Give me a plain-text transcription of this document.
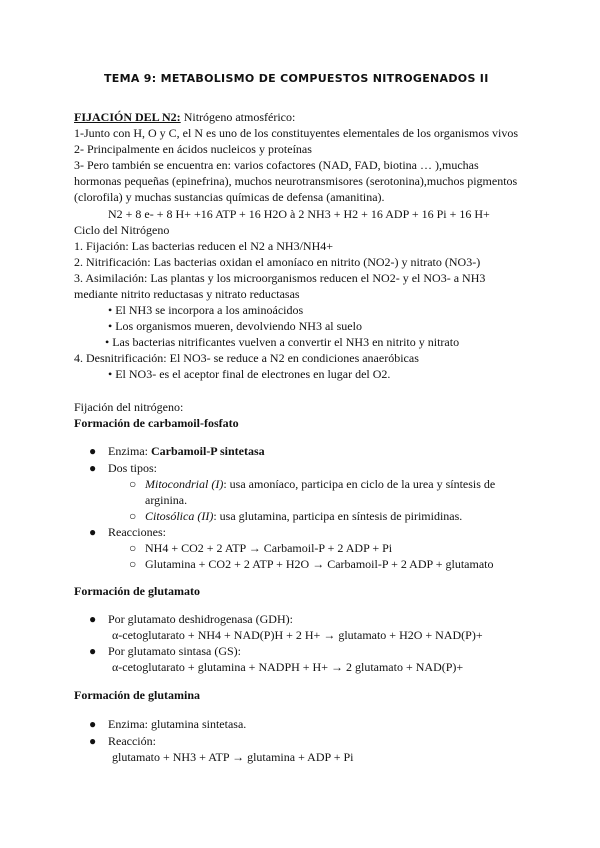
TEMA 9: METABOLISMO DE COMPUESTOS NITROGENADOS II
FIJACIÓN DEL N2: Nitrógeno atmosférico:
1-Junto con H, O y C, el N es uno de los constituyentes elementales de los organismos vivos
2- Principalmente en ácidos nucleicos y proteínas
3- Pero también se encuentra en: varios cofactores (NAD, FAD, biotina … ),muchas
hormonas pequeñas (epinefrina), muchos neurotransmisores (serotonina),muchos pigmentos
(clorofila) y muchas sustancias químicas de defensa (amanitina).
N2 + 8 e- + 8 H+ +16 ATP + 16 H2O à 2 NH3 + H2 + 16 ADP + 16 Pi + 16 H+
Ciclo del Nitrógeno
1. Fijación: Las bacterias reducen el N2 a NH3/NH4+
2. Nitrificación: Las bacterias oxidan el amoníaco en nitrito (NO2-) y nitrato (NO3-)
3. Asimilación: Las plantas y los microorganismos reducen el NO2- y el NO3- a NH3
mediante nitrito reductasas y nitrato reductasas
• El NH3 se incorpora a los aminoácidos
• Los organismos mueren, devolviendo NH3 al suelo
• Las bacterias nitrificantes vuelven a convertir el NH3 en nitrito y nitrato
4. Desnitrificación: El NO3- se reduce a N2 en condiciones anaeróbicas
• El NO3- es el aceptor final de electrones en lugar del O2.
Fijación del nitrógeno:
Formación de carbamoil-fosfato
● Enzima: Carbamoil-P sintetasa
● Dos tipos:
○ Mitocondrial (I): usa amoníaco, participa en ciclo de la urea y síntesis de
arginina.
○ Citosólica (II): usa glutamina, participa en síntesis de pirimidinas.
● Reacciones:
○ NH4 + CO2 + 2 ATP → Carbamoil-P + 2 ADP + Pi
○ Glutamina + CO2 + 2 ATP + H2O → Carbamoil-P + 2 ADP + glutamato
Formación de glutamato
● Por glutamato deshidrogenasa (GDH):
α-cetoglutarato + NH4 + NAD(P)H + 2 H+ → glutamato + H2O + NAD(P)+
● Por glutamato sintasa (GS):
α-cetoglutarato + glutamina + NADPH + H+ → 2 glutamato + NAD(P)+
Formación de glutamina
● Enzima: glutamina sintetasa.
● Reacción:
glutamato + NH3 + ATP → glutamina + ADP + Pi
